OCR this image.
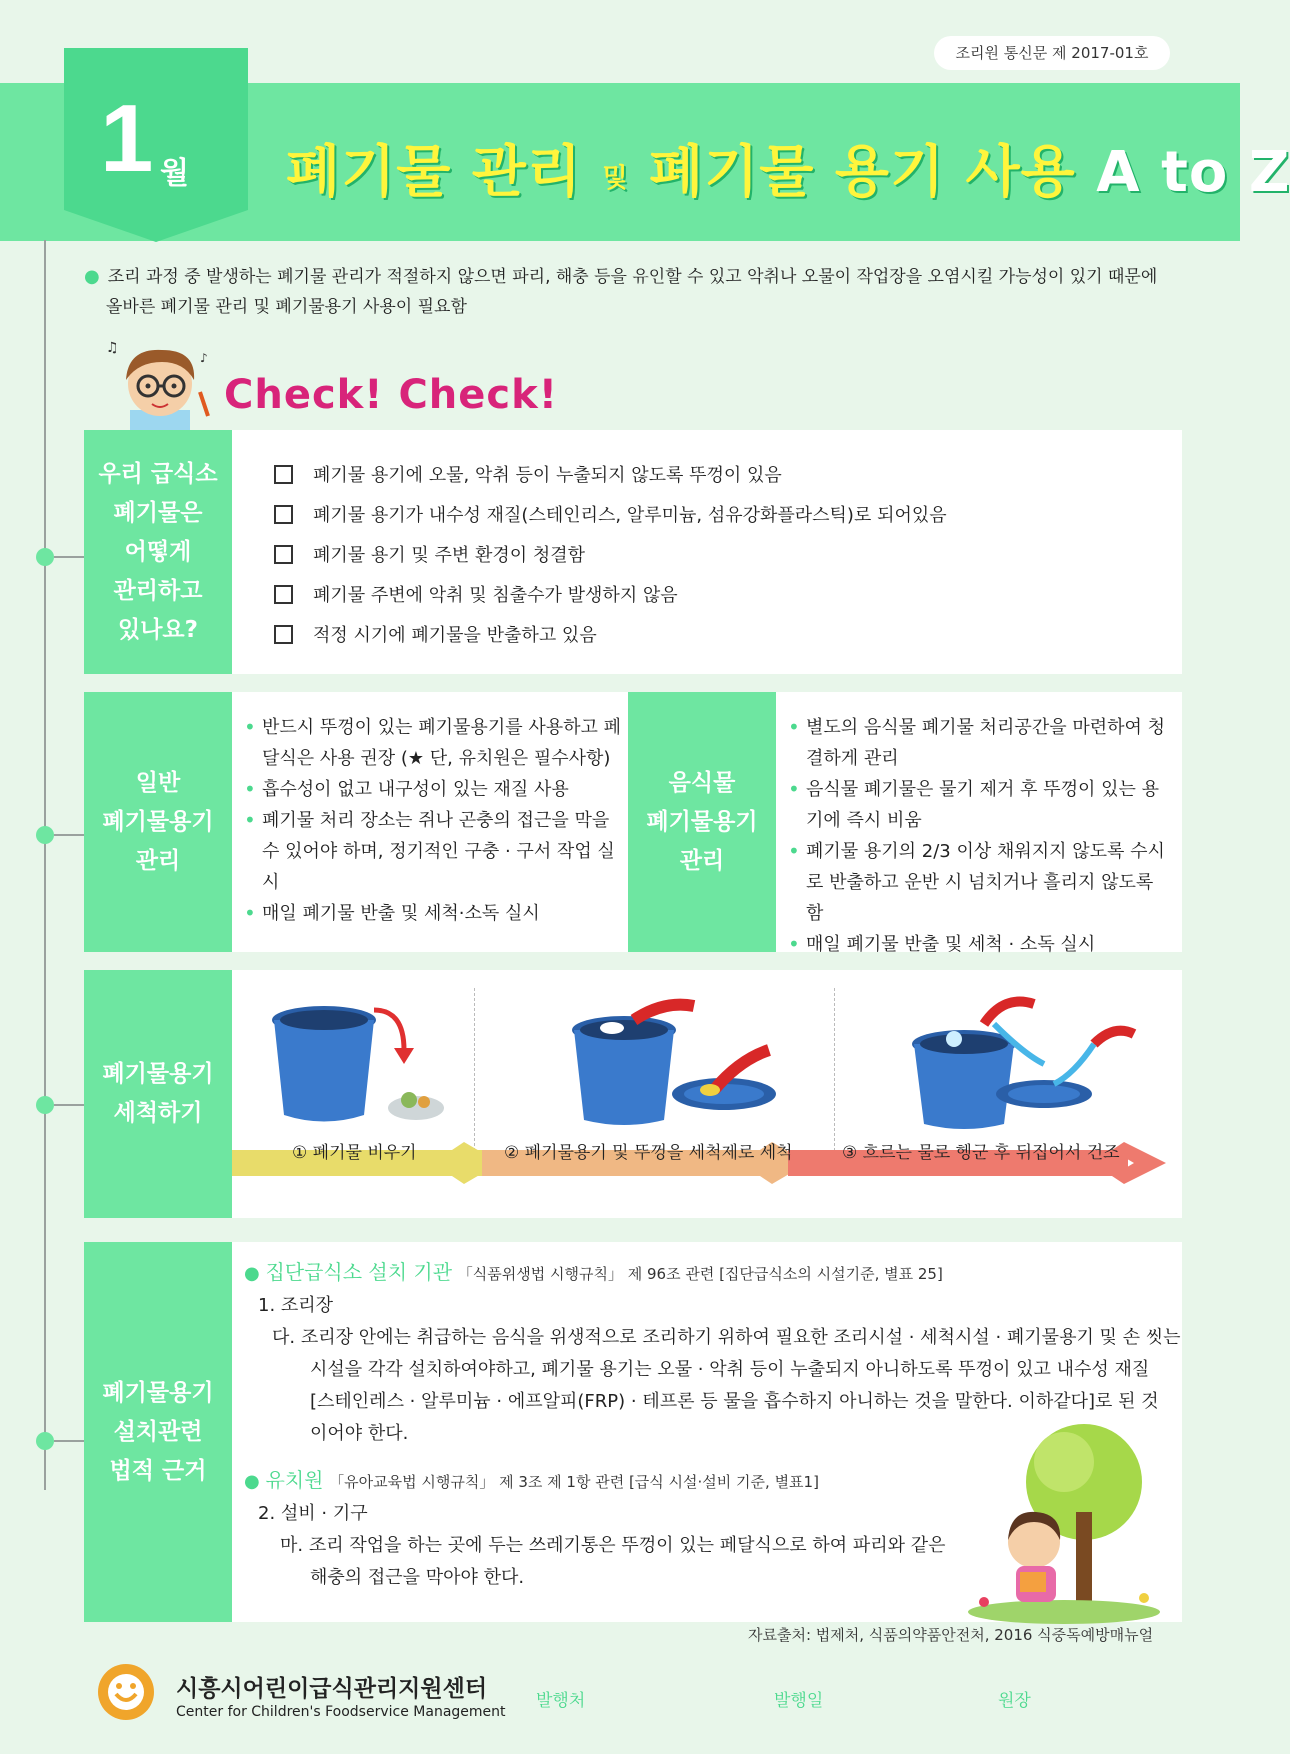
조리원 통신문 제 2017-01호
1 월 폐기물 관리 및 폐기물 용기 사용 A to Z
● 조리 과정 중 발생하는 폐기물 관리가 적절하지 않으면 파리, 해충 등을 유인할 수 있고 악취나 오물이 작업장을 오염시킬 가능성이 있기 때문에
올바른 폐기물 관리 및 폐기물용기 사용이 필요함
♫
♪
Check! Check!
우리 급식소
폐기물은
어떻게
관리하고
있나요?
폐기물 용기에 오물, 악취 등이 누출되지 않도록 뚜껑이 있음
폐기물 용기가 내수성 재질(스테인리스, 알루미늄, 섬유강화플라스틱)로 되어있음
폐기물 용기 및 주변 환경이 청결함
폐기물 주변에 악취 및 침출수가 발생하지 않음
적정 시기에 폐기물을 반출하고 있음
일반
폐기물용기
관리
• 반드시 뚜껑이 있는 폐기물용기를 사용하고 페달식은 사용 권장 (★ 단, 유치원은 필수사항)
• 흡수성이 없고 내구성이 있는 재질 사용
• 폐기물 처리 장소는 쥐나 곤충의 접근을 막을 수 있어야 하며, 정기적인 구충 · 구서 작업 실시
• 매일 폐기물 반출 및 세척·소독 실시
음식물
폐기물용기
관리
• 별도의 음식물 폐기물 처리공간을 마련하여 청결하게 관리
• 음식물 폐기물은 물기 제거 후 뚜껑이 있는 용기에 즉시 비움
• 폐기물 용기의 2/3 이상 채워지지 않도록 수시로 반출하고 운반 시 넘치거나 흘리지 않도록 함
• 매일 폐기물 반출 및 세척 · 소독 실시
폐기물용기
세척하기
① 폐기물 비우기	② 폐기물용기 및 뚜껑을 세척제로 세척	③ 흐르는 물로 헹군 후 뒤집어서 건조
폐기물용기
설치관련
법적 근거

● 집단급식소 설치 기관 「식품위생법 시행규칙」 제 96조 관련 [집단급식소의 시설기준, 별표 25]

1. 조리장

다. 조리장 안에는 취급하는 음식을 위생적으로 조리하기 위하여 필요한 조리시설 · 세척시설 · 폐기물용기 및 손 씻는

시설을 각각 설치하여야하고, 폐기물 용기는 오물 · 악취 등이 누출되지 아니하도록 뚜껑이 있고 내수성 재질

[스테인레스 · 알루미늄 · 에프알피(FRP) · 테프론 등 물을 흡수하지 아니하는 것을 말한다. 이하같다]로 된 것

이어야 한다.

● 유치원 「유아교육법 시행규칙」 제 3조 제 1항 관련 [급식 시설·설비 기준, 별표1]

2. 설비 · 기구

마. 조리 작업을 하는 곳에 두는 쓰레기통은 뚜껑이 있는 페달식으로 하여 파리와 같은

해충의 접근을 막아야 한다.

자료출처: 법제처, 식품의약품안전처, 2016 식중독예방매뉴얼
시흥시어린이급식관리지원센터
Center for Children's Foodservice Management
발행처	발행일	원장
